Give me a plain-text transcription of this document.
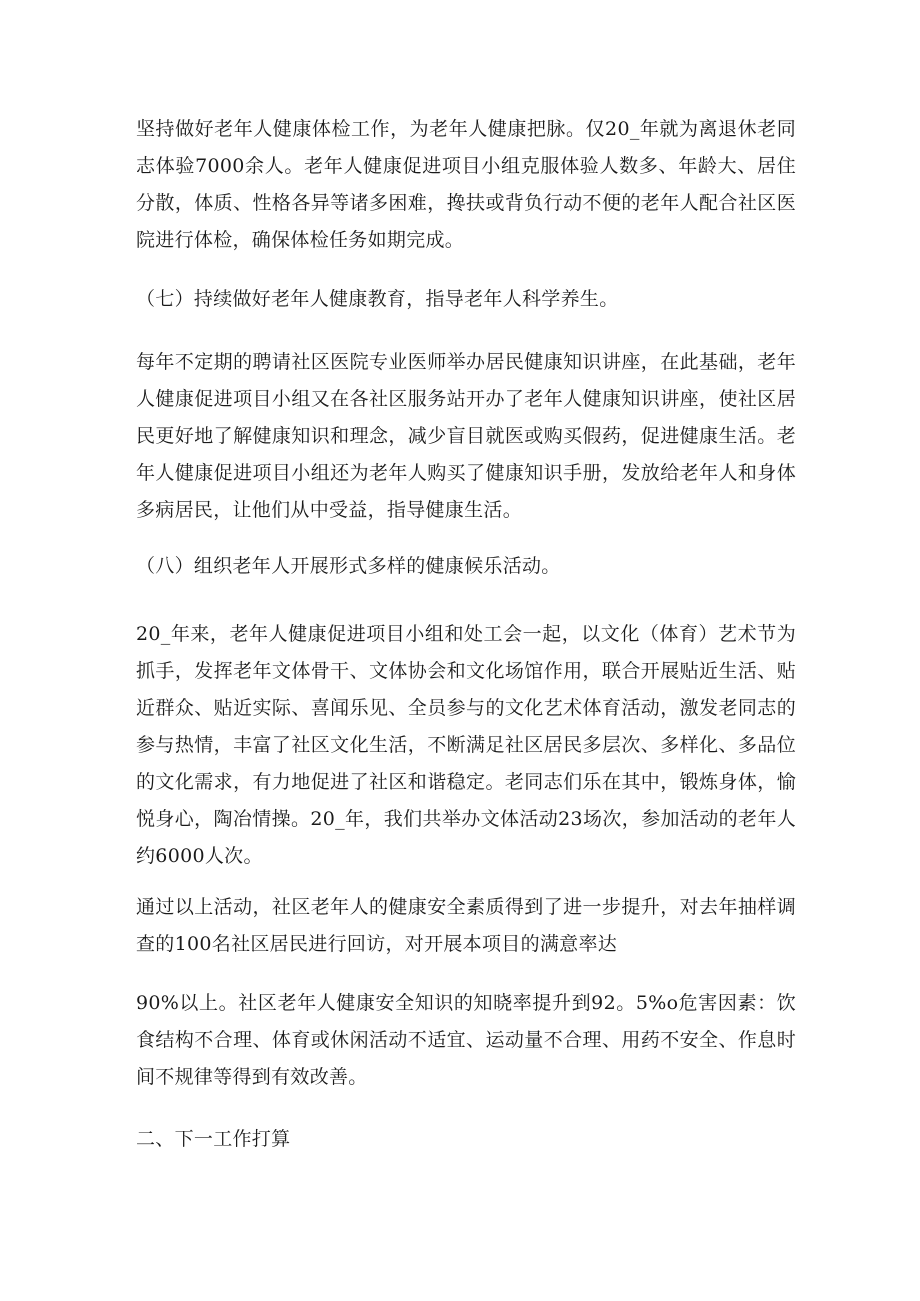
坚持做好老年人健康体检工作，为老年人健康把脉。仅20_年就为离退休老同志体验7000余人。老年人健康促进项目小组克服体验人数多、年龄大、居住分散，体质、性格各异等诸多困难，搀扶或背负行动不便的老年人配合社区医院进行体检，确保体检任务如期完成。

（七）持续做好老年人健康教育，指导老年人科学养生。

每年不定期的聘请社区医院专业医师举办居民健康知识讲座，在此基础，老年人健康促进项目小组又在各社区服务站开办了老年人健康知识讲座，使社区居民更好地了解健康知识和理念，减少盲目就医或购买假药，促进健康生活。老年人健康促进项目小组还为老年人购买了健康知识手册，发放给老年人和身体多病居民，让他们从中受益，指导健康生活。

（八）组织老年人开展形式多样的健康候乐活动。

20_年来，老年人健康促进项目小组和处工会一起，以文化（体育）艺术节为抓手，发挥老年文体骨干、文体协会和文化场馆作用，联合开展贴近生活、贴近群众、贴近实际、喜闻乐见、全员参与的文化艺术体育活动，激发老同志的参与热情，丰富了社区文化生活，不断满足社区居民多层次、多样化、多品位的文化需求，有力地促进了社区和谐稳定。老同志们乐在其中，锻炼身体，愉悦身心，陶冶情操。20_年，我们共举办文体活动23场次，参加活动的老年人约6000人次。

通过以上活动，社区老年人的健康安全素质得到了进一步提升，对去年抽样调查的100名社区居民进行回访，对开展本项目的满意率达

90%以上。社区老年人健康安全知识的知晓率提升到92。5%o危害因素：饮食结构不合理、体育或休闲活动不适宜、运动量不合理、用药不安全、作息时间不规律等得到有效改善。

二、下一工作打算
